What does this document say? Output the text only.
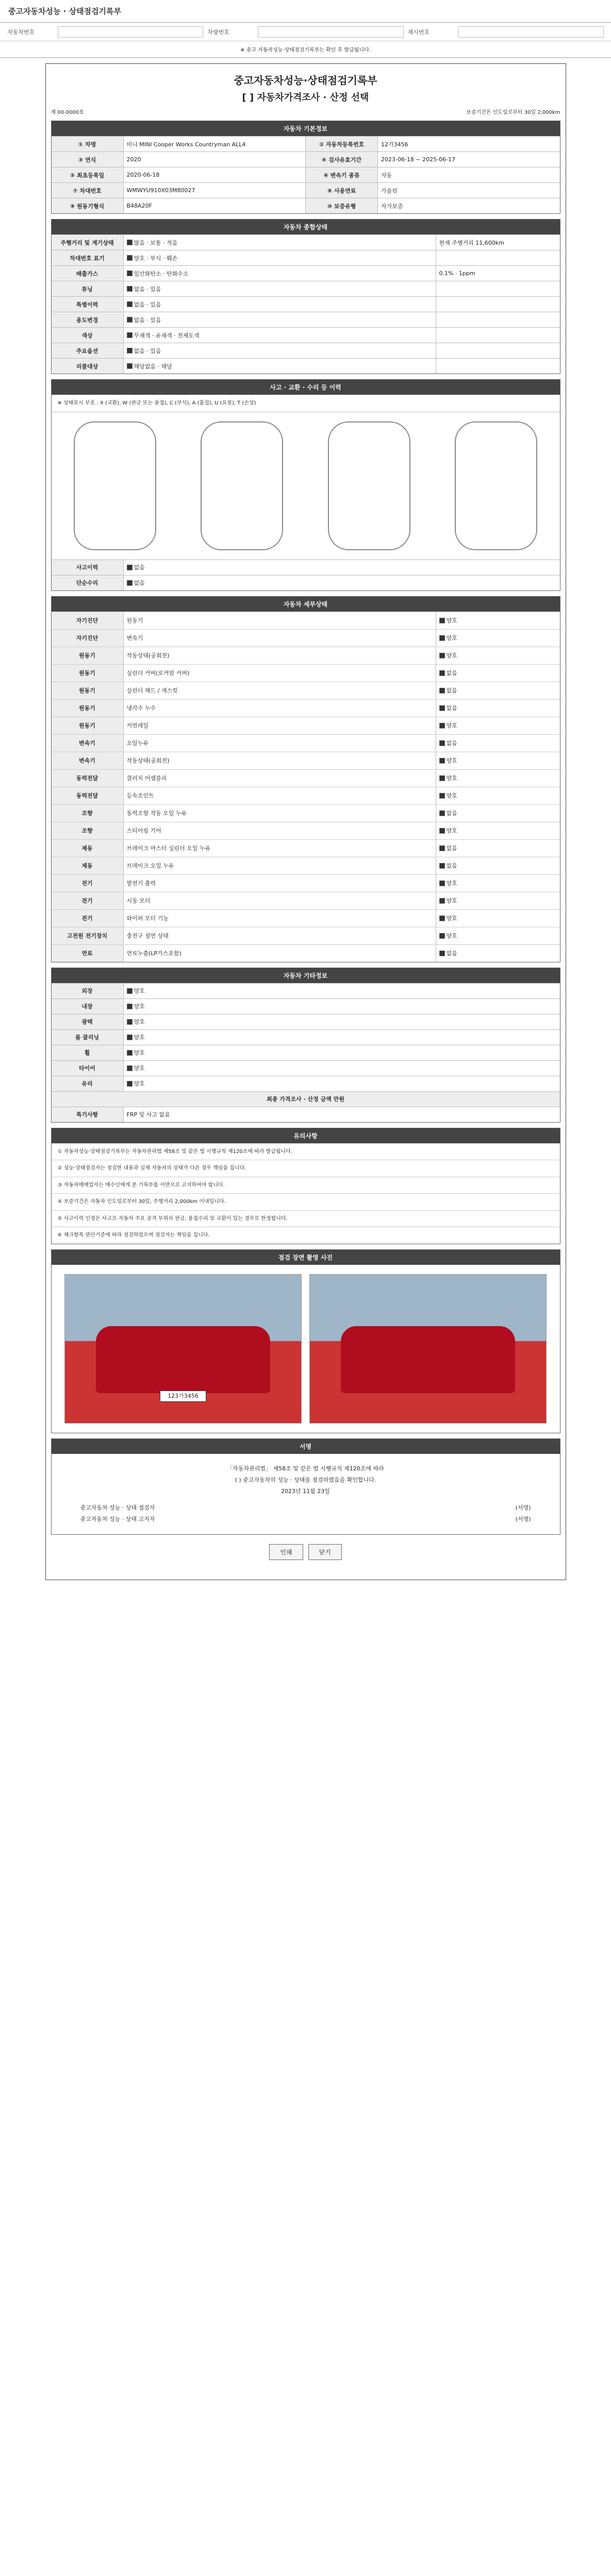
중고자동차성능 · 상태점검기록부
자동차번호	차량번호	제시번호
※ 중고 자동차성능·상태점검기록부는 확인 후 발급됩니다.
중고자동차성능·상태점검기록부
[ ] 자동차가격조사 · 산정 선택
제 00-0000호	보증기간은 인도일로부터 30일 2,000km
자동차 기본정보
① 차명	미니 MINI Cooper Works Countryman ALL4	② 자동차등록번호	12가3456
③ 연식	2020	④ 검사유효기간	2023-06-18 ~ 2025-06-17
⑤ 최초등록일	2020-06-18	⑥ 변속기 종류	자동
⑦ 차대번호	WMWYU910X03M80027	⑧ 사용연료	가솔린
⑨ 원동기형식	B48A20F	⑩ 보증유형	자가보증
자동차 종합상태
주행거리 및 계기상태	많음 · 보통 · 적음	현재 주행거리 11,600km
차대번호 표기	양호 · 부식 · 훼손
배출가스	일산화탄소 · 탄화수소	0.1% · 1ppm
튜닝	없음 · 있음
특별이력	없음 · 있음
용도변경	없음 · 있음
색상	무채색 · 유채색 · 전체도색
주요옵션	없음 · 있음
리콜대상	해당없음 · 해당
사고 · 교환 · 수리 등 이력
※ 상태표시 부호 : X (교환), W (판금 또는 용접), C (부식), A (흠집), U (요철), T (손상)
사고이력	없음
단순수리	없음
자동차 세부상태
자기진단	원동기	양호
자기진단	변속기	양호
원동기	작동상태(공회전)	양호
원동기	실린더 커버(로커암 커버)	없음
원동기	실린더 헤드 / 개스킷	없음
원동기	냉각수 누수	없음
원동기	커먼레일	양호
변속기	오일누유	없음
변속기	작동상태(공회전)	양호
동력전달	클러치 어셈블리	양호
동력전달	등속조인트	양호
조향	동력조향 작동 오일 누유	없음
조향	스티어링 기어	양호
제동	브레이크 마스터 실린더 오일 누유	없음
제동	브레이크 오일 누유	없음
전기	발전기 출력	양호
전기	시동 모터	양호
전기	와이퍼 모터 기능	양호
고전원 전기장치	충전구 절연 상태	양호
연료	연료누출(LP가스포함)	없음
자동차 기타정보
외장	양호
내장	양호
광택	양호
룸 클리닝	양호
휠	양호
타이어	양호
유리	양호
최종 가격조사 · 산정 금액 만원
특기사항	FRP 및 사고 없음
유의사항
① 자동차성능·상태점검기록부는 자동차관리법 제58조 및 같은 법 시행규칙 제120조에 따라 발급됩니다.
② 성능·상태점검자는 점검한 내용과 실제 자동차의 상태가 다른 경우 책임을 집니다.
③ 자동차매매업자는 매수인에게 본 기록부를 서면으로 고지하여야 합니다.
④ 보증기간은 자동차 인도일로부터 30일, 주행거리 2,000km 이내입니다.
⑤ 사고이력 인정은 사고로 자동차 주요 골격 부위의 판금, 용접수리 및 교환이 있는 경우로 한정합니다.
⑥ 체크항목 판단기준에 따라 점검하였으며 점검자는 책임을 집니다.
점검 장면 촬영 사진
123가3456
서명
「자동차관리법」 제58조 및 같은 법 시행규칙 제120조에 따라
( ) 중고자동차의 성능 · 상태를 점검하였음을 확인합니다.
2023년 11월 23일
중고자동차 성능 · 상태 점검자	(서명)
중고자동차 성능 · 상태 고지자	(서명)
인쇄	닫기
